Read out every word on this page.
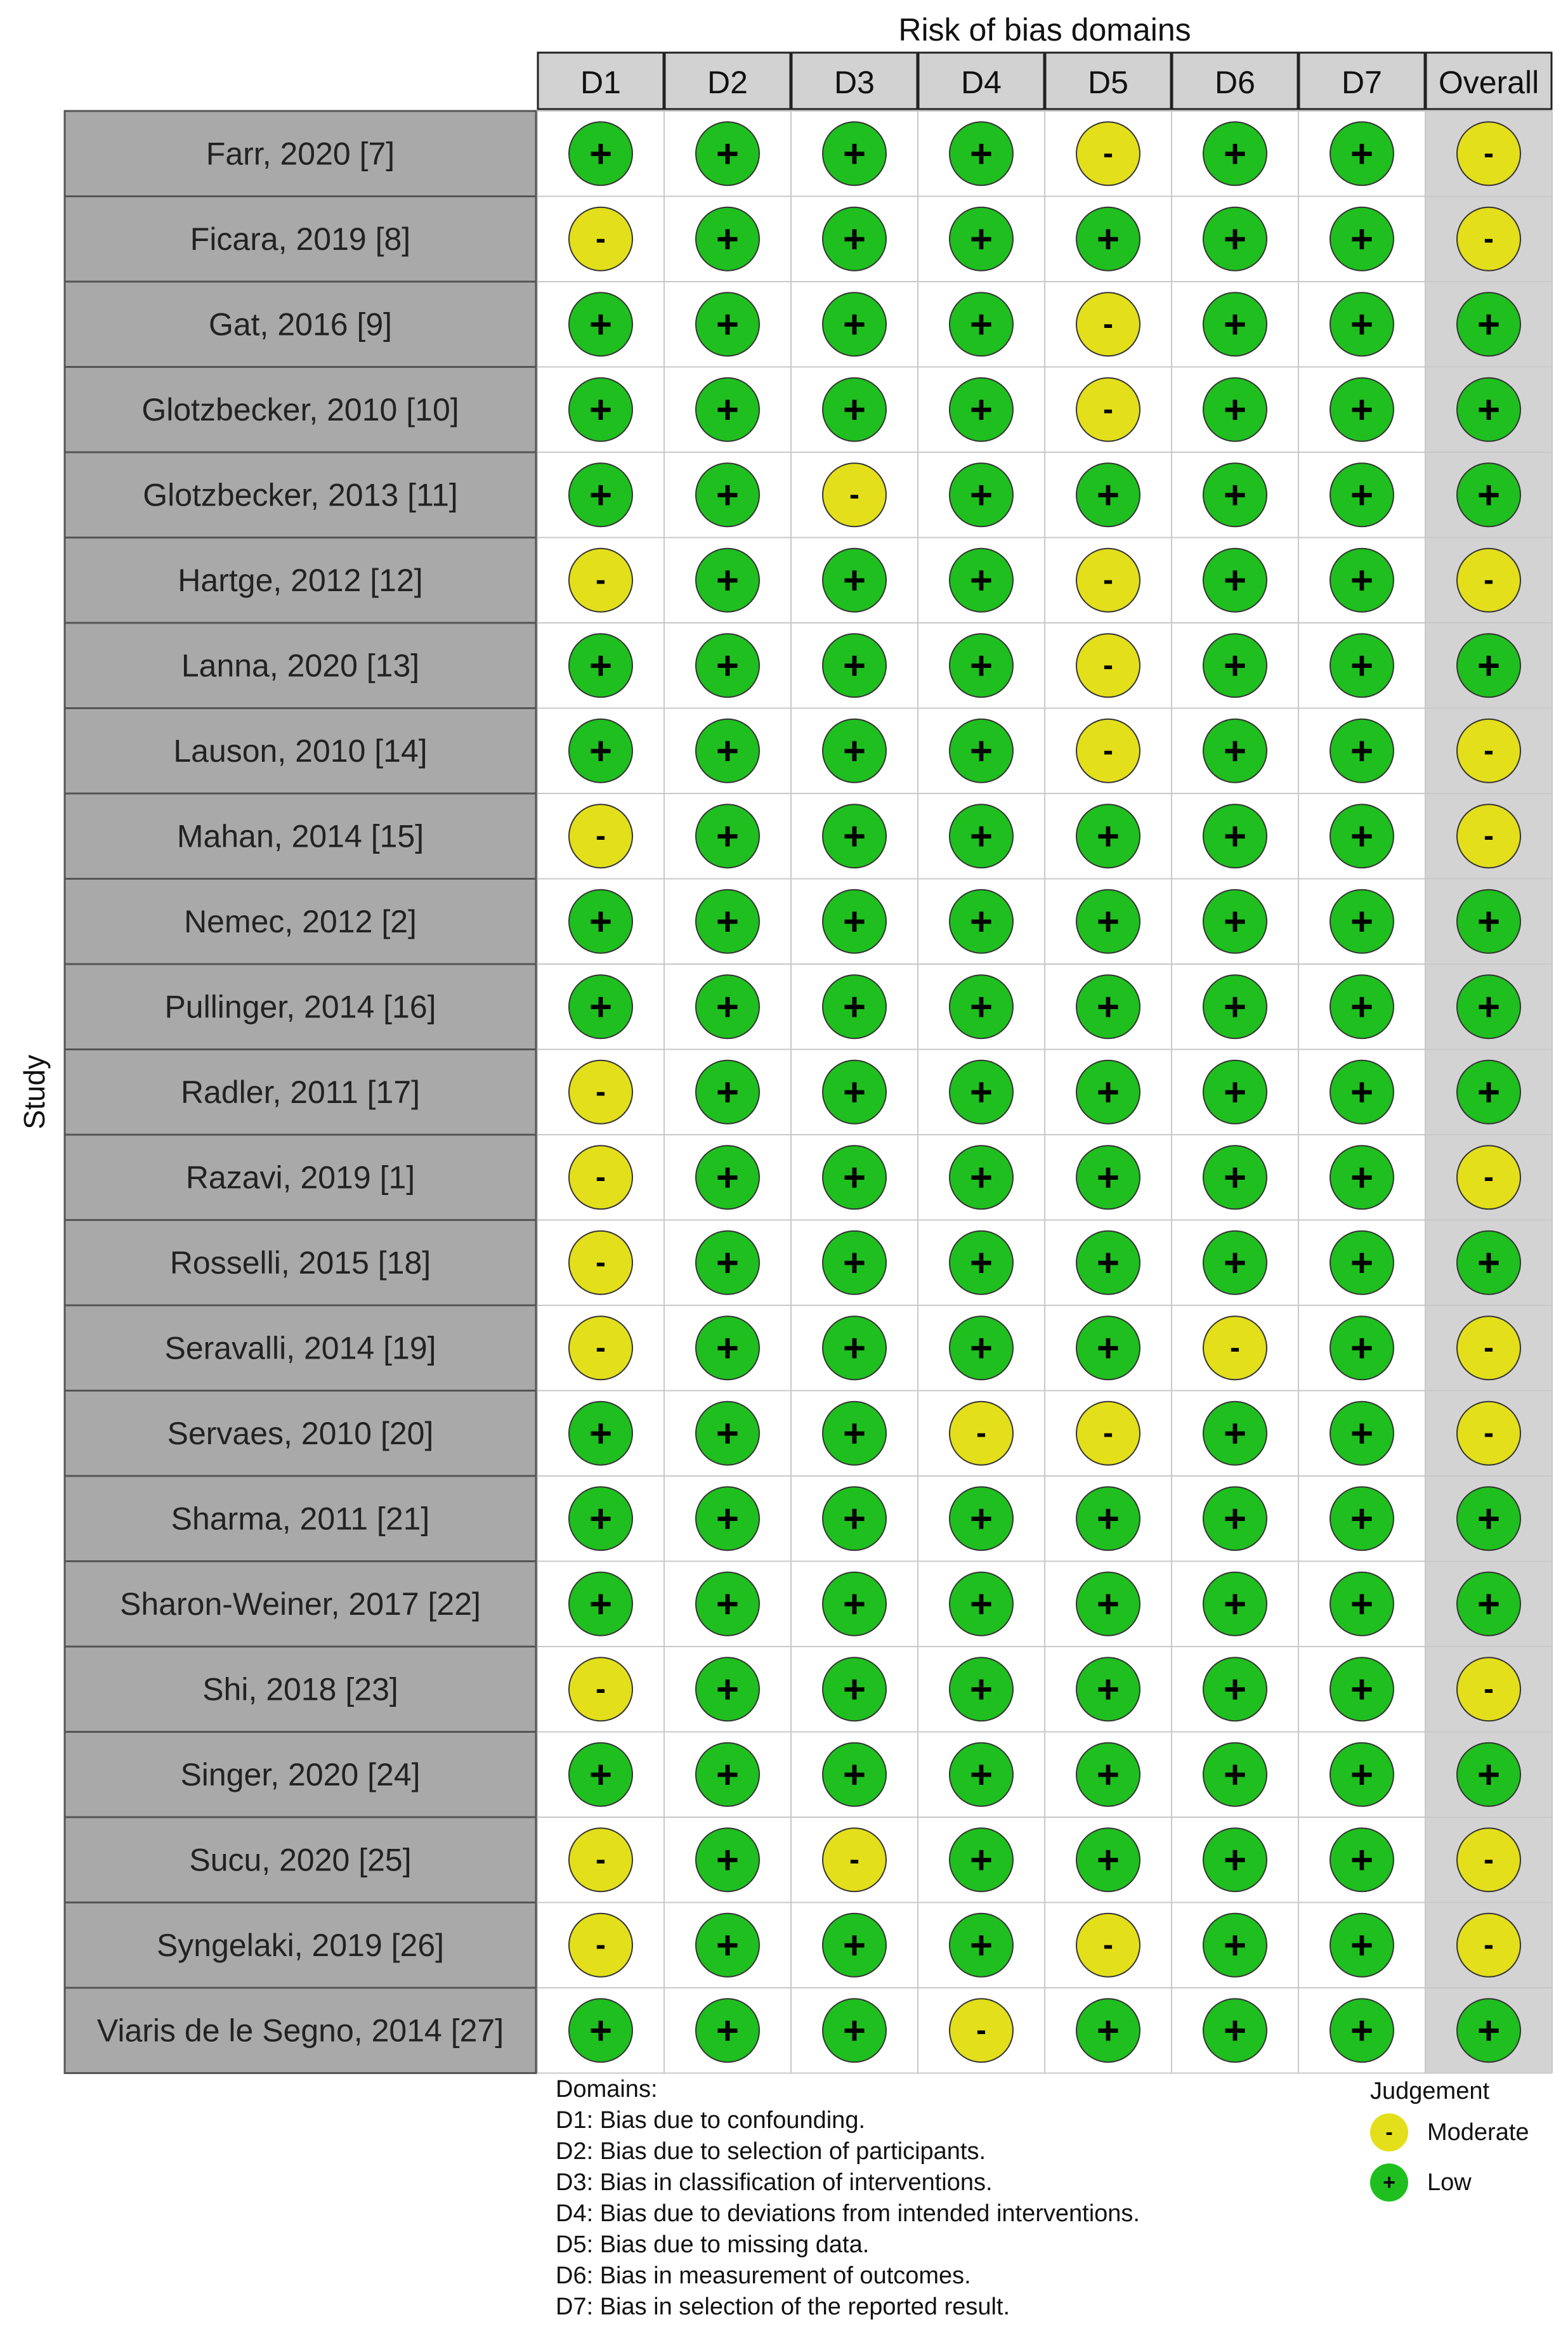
Risk of bias domains
Study
D1	D2	D3	D4	D5	D6	D7 Overall
Farr, 2020 [7]	+	+	+	+	-	+	+	-
Ficara, 2019 [8]	-	+	+	+	+	+	+	-
Gat, 2016 [9]	+	+	+	+	-	+	+	+
Glotzbecker, 2010 [10]	+	+	+	+	-	+	+	+
Glotzbecker, 2013 [11]	+	+	-	+	+	+	+	+
Hartge, 2012 [12]	-	+	+	+	-	+	+	-
Lanna, 2020 [13]	+	+	+	+	-	+	+	+
Lauson, 2010 [14]	+	+	+	+	-	+	+	-
Mahan, 2014 [15]	-	+	+	+	+	+	+	-
Nemec, 2012 [2]	+	+	+	+	+	+	+	+
Pullinger, 2014 [16]	+	+	+	+	+	+	+	+
Radler, 2011 [17]	-	+	+	+	+	+	+	+
Razavi, 2019 [1]	-	+	+	+	+	+	+	-
Rosselli, 2015 [18]	-	+	+	+	+	+	+	+
Seravalli, 2014 [19]	-	+	+	+	+	-	+	-
Servaes, 2010 [20]	+	+	+	-	-	+	+	-
Sharma, 2011 [21]	+	+	+	+	+	+	+	+
Sharon-Weiner, 2017 [22]	+	+	+	+	+	+	+	+
Shi, 2018 [23]	-	+	+	+	+	+	+	-
Singer, 2020 [24]	+	+	+	+	+	+	+	+
Sucu, 2020 [25]	-	+	-	+	+	+	+	-
Syngelaki, 2019 [26]	-	+	+	+	-	+	+	-
Viaris de le Segno, 2014 [27] +	+	+	-	+	+	+	+
Domains:
D1: Bias due to confounding.
D2: Bias due to selection of participants.
D3: Bias in classification of interventions.
D4: Bias due to deviations from intended interventions.
D5: Bias due to missing data.
D6: Bias in measurement of outcomes.
D7: Bias in selection of the reported result.
Judgement
-	Moderate
+	Low
